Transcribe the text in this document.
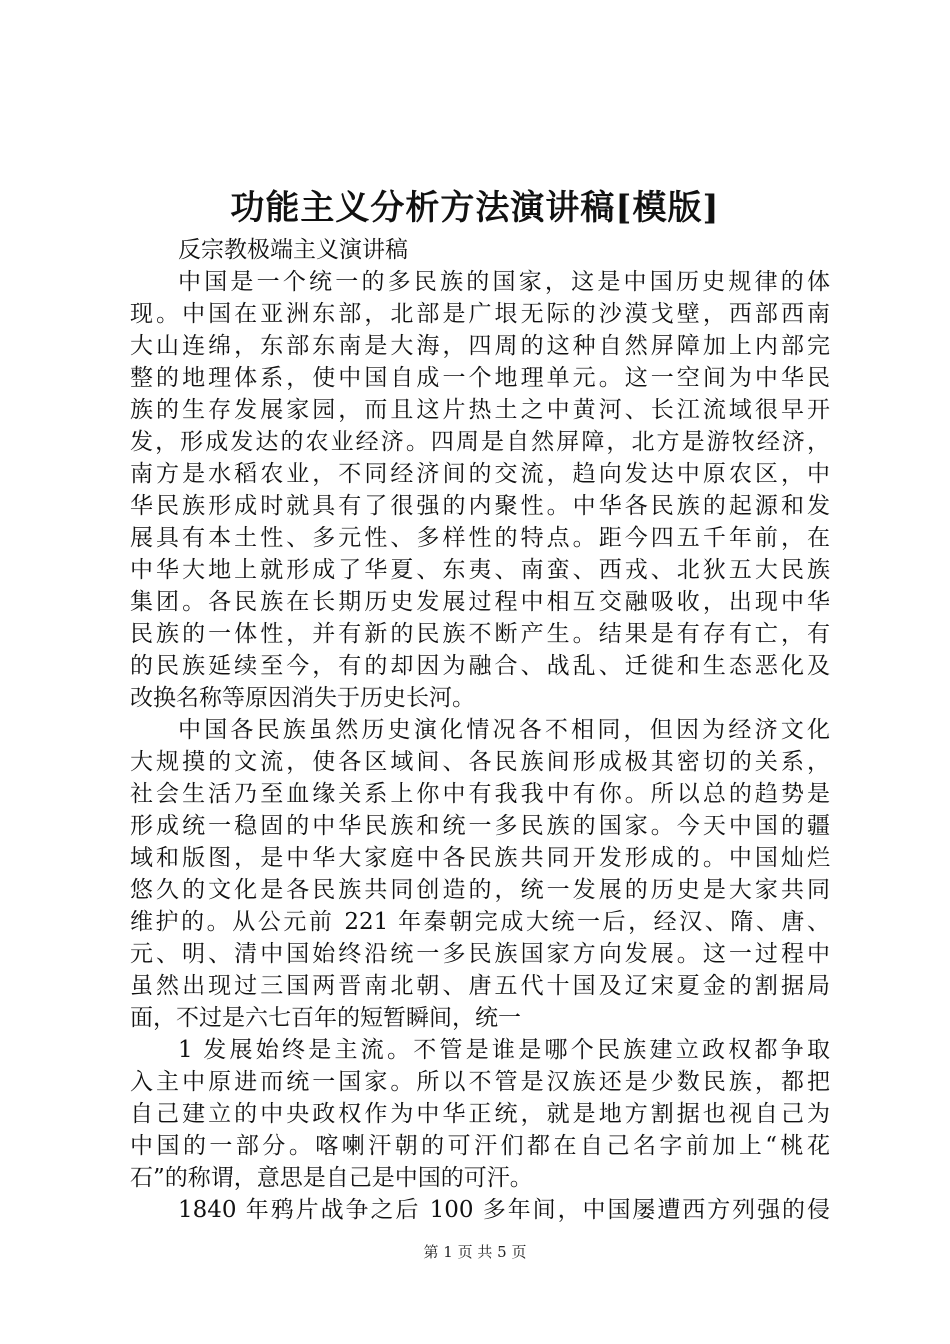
功能主义分析方法演讲稿[模版]
反宗教极端主义演讲稿
中国是一个统一的多民族的国家，这是中国历史规律的体
现。中国在亚洲东部，北部是广垠无际的沙漠戈壁，西部西南
大山连绵，东部东南是大海，四周的这种自然屏障加上内部完
整的地理体系，使中国自成一个地理单元。这一空间为中华民
族的生存发展家园，而且这片热土之中黄河、长江流域很早开
发，形成发达的农业经济。四周是自然屏障，北方是游牧经济，
南方是水稻农业，不同经济间的交流，趋向发达中原农区，中
华民族形成时就具有了很强的内聚性。中华各民族的起源和发
展具有本土性、多元性、多样性的特点。距今四五千年前，在
中华大地上就形成了华夏、东夷、南蛮、西戎、北狄五大民族
集团。各民族在长期历史发展过程中相互交融吸收，出现中华
民族的一体性，并有新的民族不断产生。结果是有存有亡，有
的民族延续至今，有的却因为融合、战乱、迁徙和生态恶化及
改换名称等原因消失于历史长河。
中国各民族虽然历史演化情况各不相同，但因为经济文化
大规摸的文流，使各区域间、各民族间形成极其密切的关系，
社会生活乃至血缘关系上你中有我我中有你。所以总的趋势是
形成统一稳固的中华民族和统一多民族的国家。今天中国的疆
域和版图，是中华大家庭中各民族共同开发形成的。中国灿烂
悠久的文化是各民族共同创造的，统一发展的历史是大家共同
维护的。从公元前 221 年秦朝完成大统一后，经汉、隋、唐、
元、明、清中国始终沿统一多民族国家方向发展。这一过程中
虽然出现过三国两晋南北朝、唐五代十国及辽宋夏金的割据局
面，不过是六七百年的短暂瞬间，统一
1 发展始终是主流。不管是谁是哪个民族建立政权都争取
入主中原进而统一国家。所以不管是汉族还是少数民族，都把
自己建立的中央政权作为中华正统，就是地方割据也视自己为
中国的一部分。喀喇汗朝的可汗们都在自己名字前加上“桃花
石”的称谓，意思是自己是中国的可汗。
1840 年鸦片战争之后 100 多年间，中国屡遭西方列强的侵
第 1 页 共 5 页
